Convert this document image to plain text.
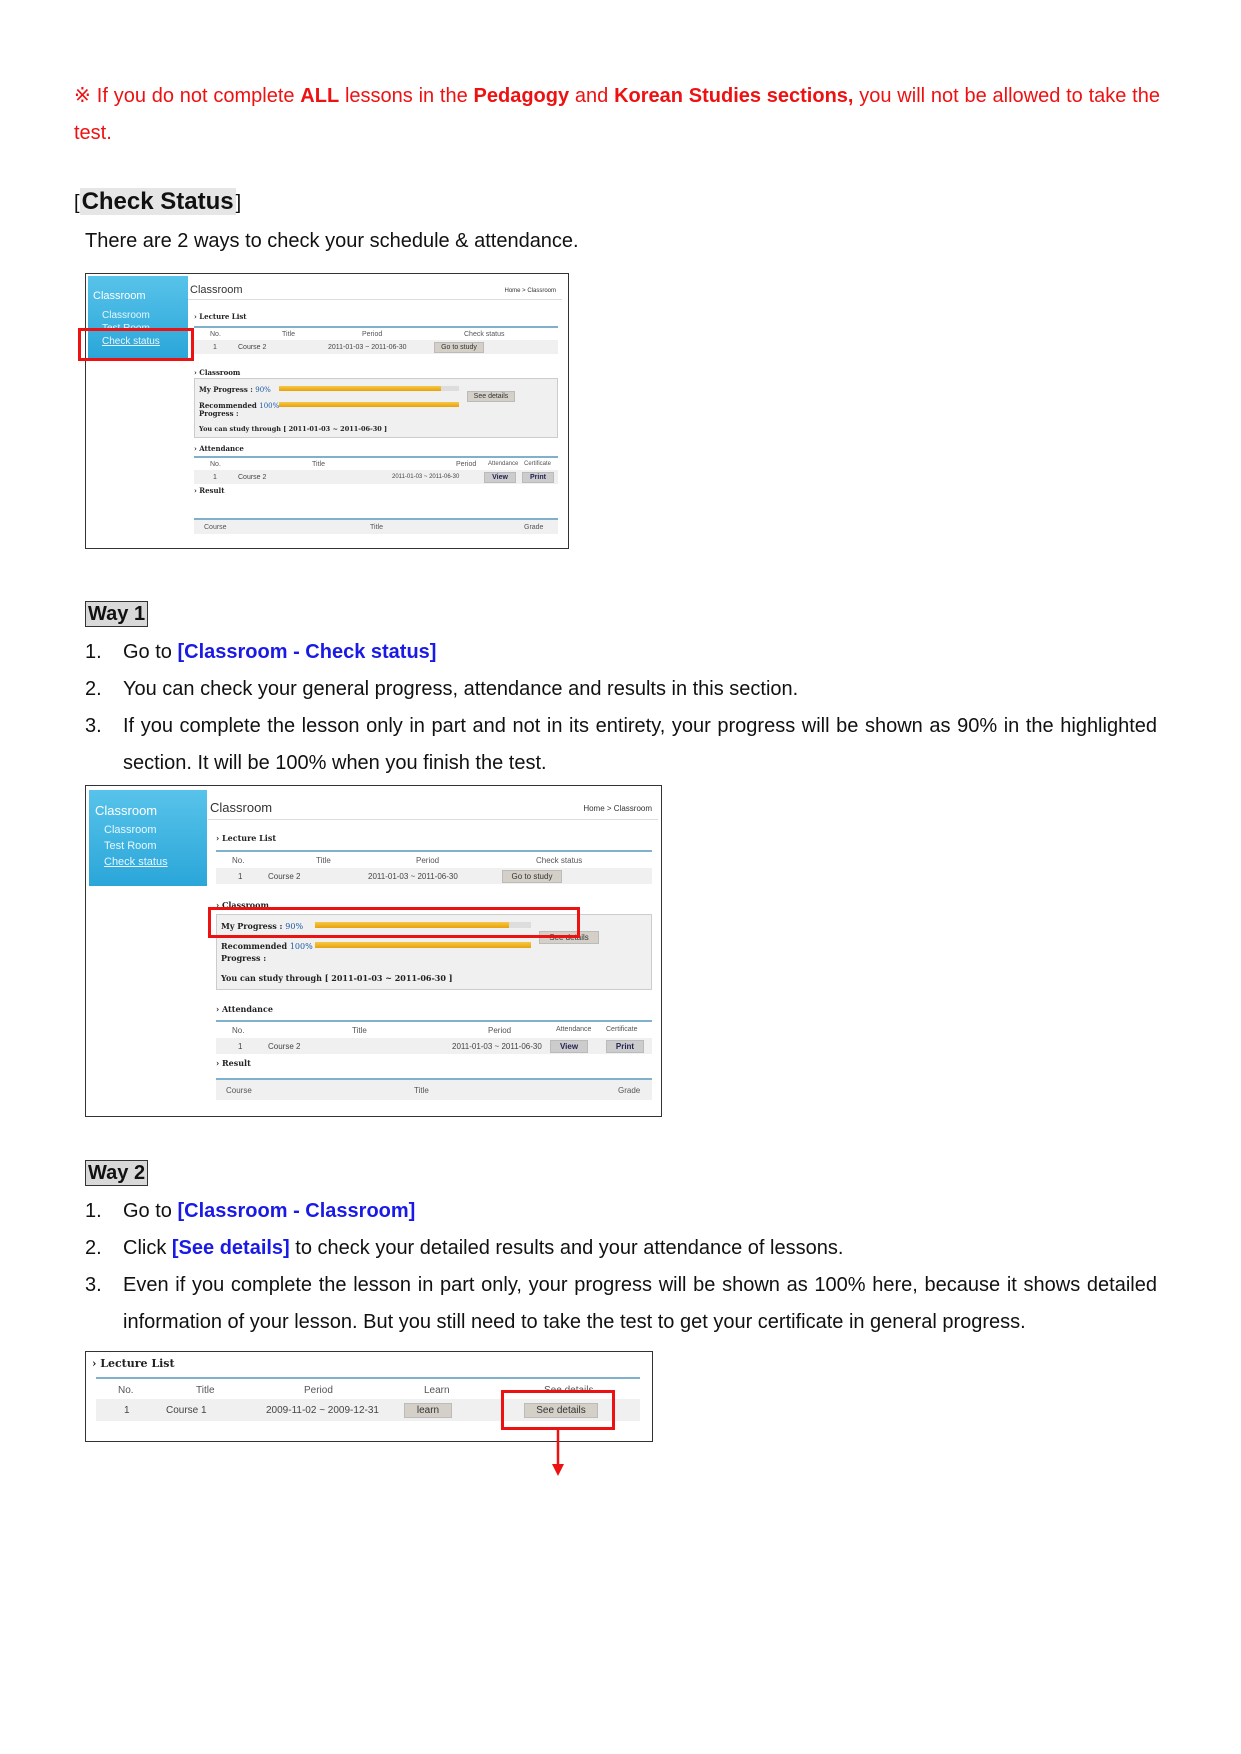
※ If you do not complete ALL lessons in the Pedagogy and Korean Studies sections, you will not be allowed to take the test.
[Check Status ]
There are 2 ways to check your schedule & attendance.
Classroom
Classroom
Test Room
Check status
Classroom	Home > Classroom
› Lecture List
No.	Title	Period	Check status
1	Course 2	2011-01-03 ~ 2011-06-30	Go to study
› Classroom
My Progress : 90%
Recommended 100%
Progress :
See details
You can study through [ 2011-01-03 ~ 2011-06-30 ]
› Attendance
No.	Title	Period Attendance Certificate
1	Course 2	2011-01-03 ~ 2011-06-30	View	Print
› Result
Course	Title	Grade
Way 1
1. Go to [Classroom - Check status]
2. You can check your general progress, attendance and results in this section.
3. If you complete the lesson only in part and not in its entirety, your progress will be shown as 90% in the highlighted section. It will be 100% when you finish the test.
Classroom
Classroom
Test Room
Check status
Classroom	Home > Classroom
› Lecture List
No.	Title	Period	Check status
1	Course 2	2011-01-03 ~ 2011-06-30	Go to study
› Classroom
My Progress : 90%
Recommended 100%
Progress :
See details
You can study through [ 2011-01-03 ~ 2011-06-30 ]
› Attendance
No.	Title	Period	Attendance Certificate
1	Course 2	2011-01-03 ~ 2011-06-30	View	Print
› Result
Course	Title	Grade
Way 2
1. Go to [Classroom - Classroom]
2. Click [See details] to check your detailed results and your attendance of lessons.
3. Even if you complete the lesson in part only, your progress will be shown as 100% here, because it shows detailed information of your lesson. But you still need to take the test to get your certificate in general progress.
› Lecture List
No.	Title	Period	Learn	See details
1	Course 1	2009-11-02 ~ 2009-12-31	learn	See details
